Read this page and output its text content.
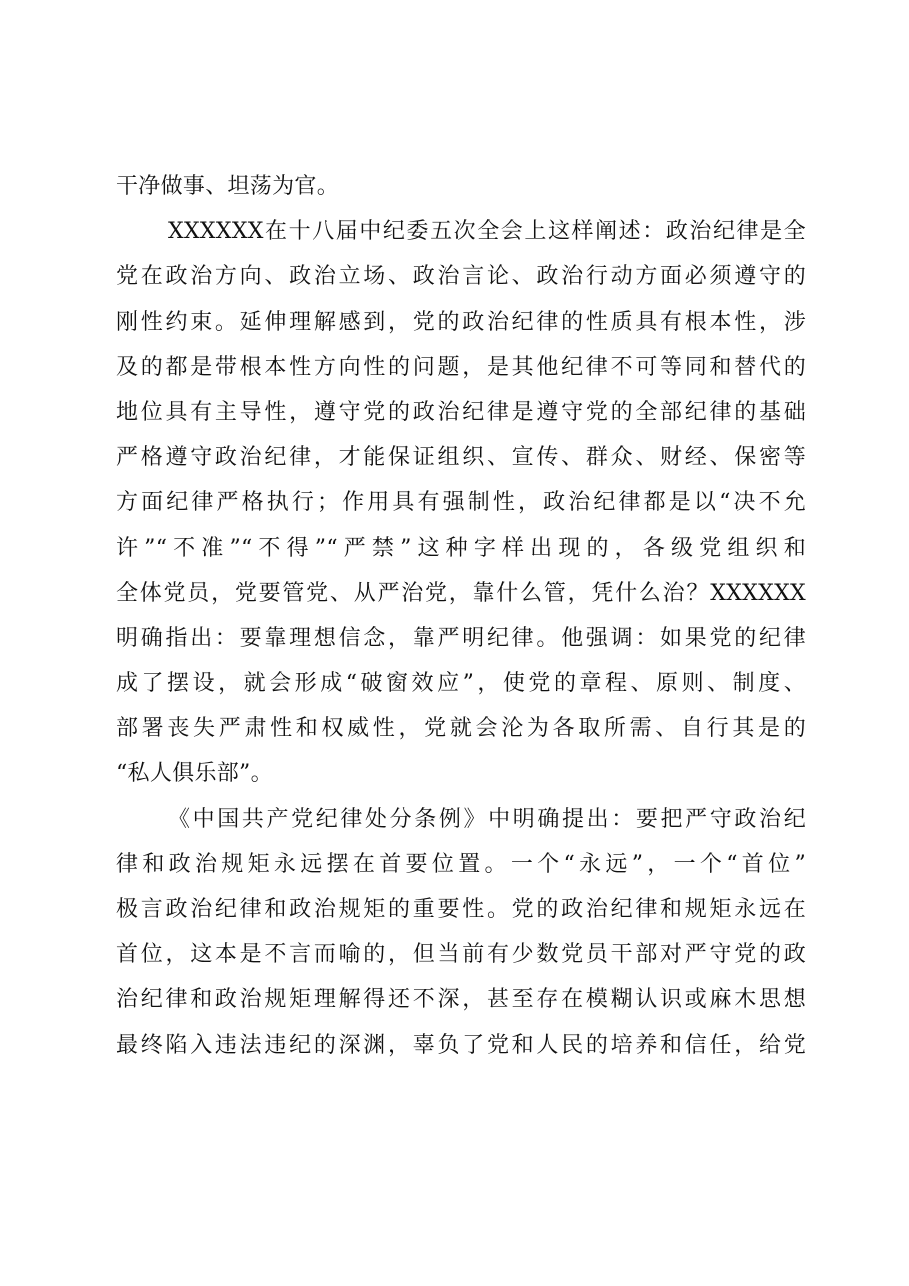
干净做事、坦荡为官。
XXXXXX在十八届中纪委五次全会上这样阐述：政治纪律是全
党在政治方向、政治立场、政治言论、政治行动方面必须遵守的
刚性约束。延伸理解感到，党的政治纪律的性质具有根本性，涉
及的都是带根本性方向性的问题，是其他纪律不可等同和替代的
地位具有主导性，遵守党的政治纪律是遵守党的全部纪律的基础
严格遵守政治纪律，才能保证组织、宣传、群众、财经、保密等
方面纪律严格执行；作用具有强制性，政治纪律都是以“决不允
许”“不准”“不得”“严禁”这种字样出现的，各级党组织和
全体党员，党要管党、从严治党，靠什么管，凭什么治？XXXXXX
明确指出：要靠理想信念，靠严明纪律。他强调：如果党的纪律
成了摆设，就会形成“破窗效应”，使党的章程、原则、制度、
部署丧失严肃性和权威性，党就会沦为各取所需、自行其是的
“私人俱乐部”。
《中国共产党纪律处分条例》中明确提出：要把严守政治纪
律和政治规矩永远摆在首要位置。一个“永远”，一个“首位”
极言政治纪律和政治规矩的重要性。党的政治纪律和规矩永远在
首位，这本是不言而喻的，但当前有少数党员干部对严守党的政
治纪律和政治规矩理解得还不深，甚至存在模糊认识或麻木思想
最终陷入违法违纪的深渊，辜负了党和人民的培养和信任，给党
